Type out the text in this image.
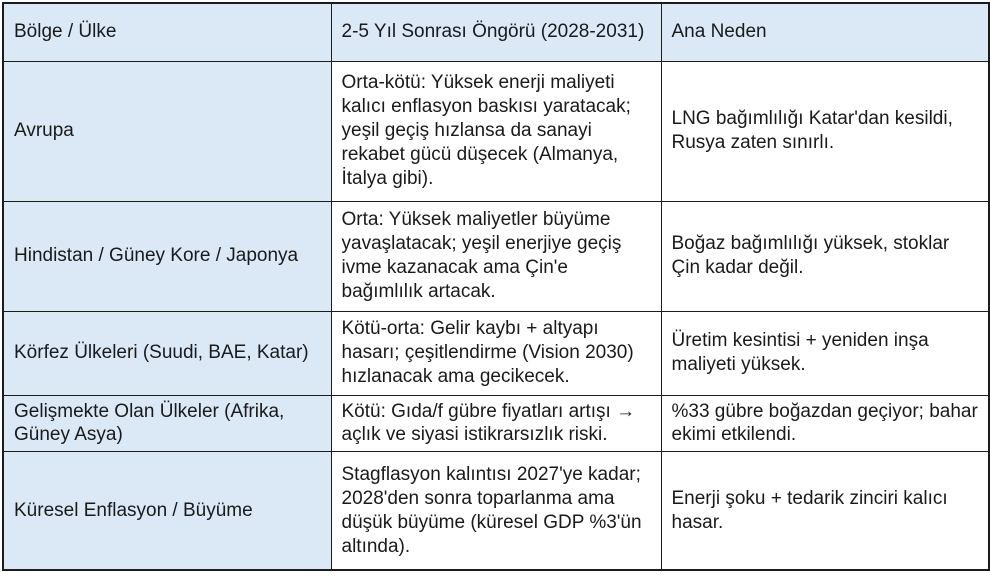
Bölge / Ülke	2-5 Yıl Sonrası Öngörü (2028-2031)	Ana Neden
Avrupa	Orta-kötü: Yüksek enerji maliyeti kalıcı enflasyon baskısı yaratacak; yeşil geçiş hızlansa da sanayi rekabet gücü düşecek (Almanya, İtalya gibi).	LNG bağımlılığı Katar'dan kesildi, Rusya zaten sınırlı.
Hindistan / Güney Kore / Japonya	Orta: Yüksek maliyetler büyüme yavaşlatacak; yeşil enerjiye geçiş ivme kazanacak ama Çin'e bağımlılık artacak.	Boğaz bağımlılığı yüksek, stoklar Çin kadar değil.
Körfez Ülkeleri (Suudi, BAE, Katar)	Kötü-orta: Gelir kaybı + altyapı hasarı; çeşitlendirme (Vision 2030) hızlanacak ama gecikecek.	Üretim kesintisi + yeniden inşa maliyeti yüksek.
Gelişmekte Olan Ülkeler (Afrika, Güney Asya)	Kötü: Gıda/f gübre fiyatları artışı → açlık ve siyasi istikrarsızlık riski.	%33 gübre boğazdan geçiyor; bahar ekimi etkilendi.
Küresel Enflasyon / Büyüme	Stagflasyon kalıntısı 2027'ye kadar; 2028'den sonra toparlanma ama düşük büyüme (küresel GDP %3'ün altında).	Enerji şoku + tedarik zinciri kalıcı hasar.
